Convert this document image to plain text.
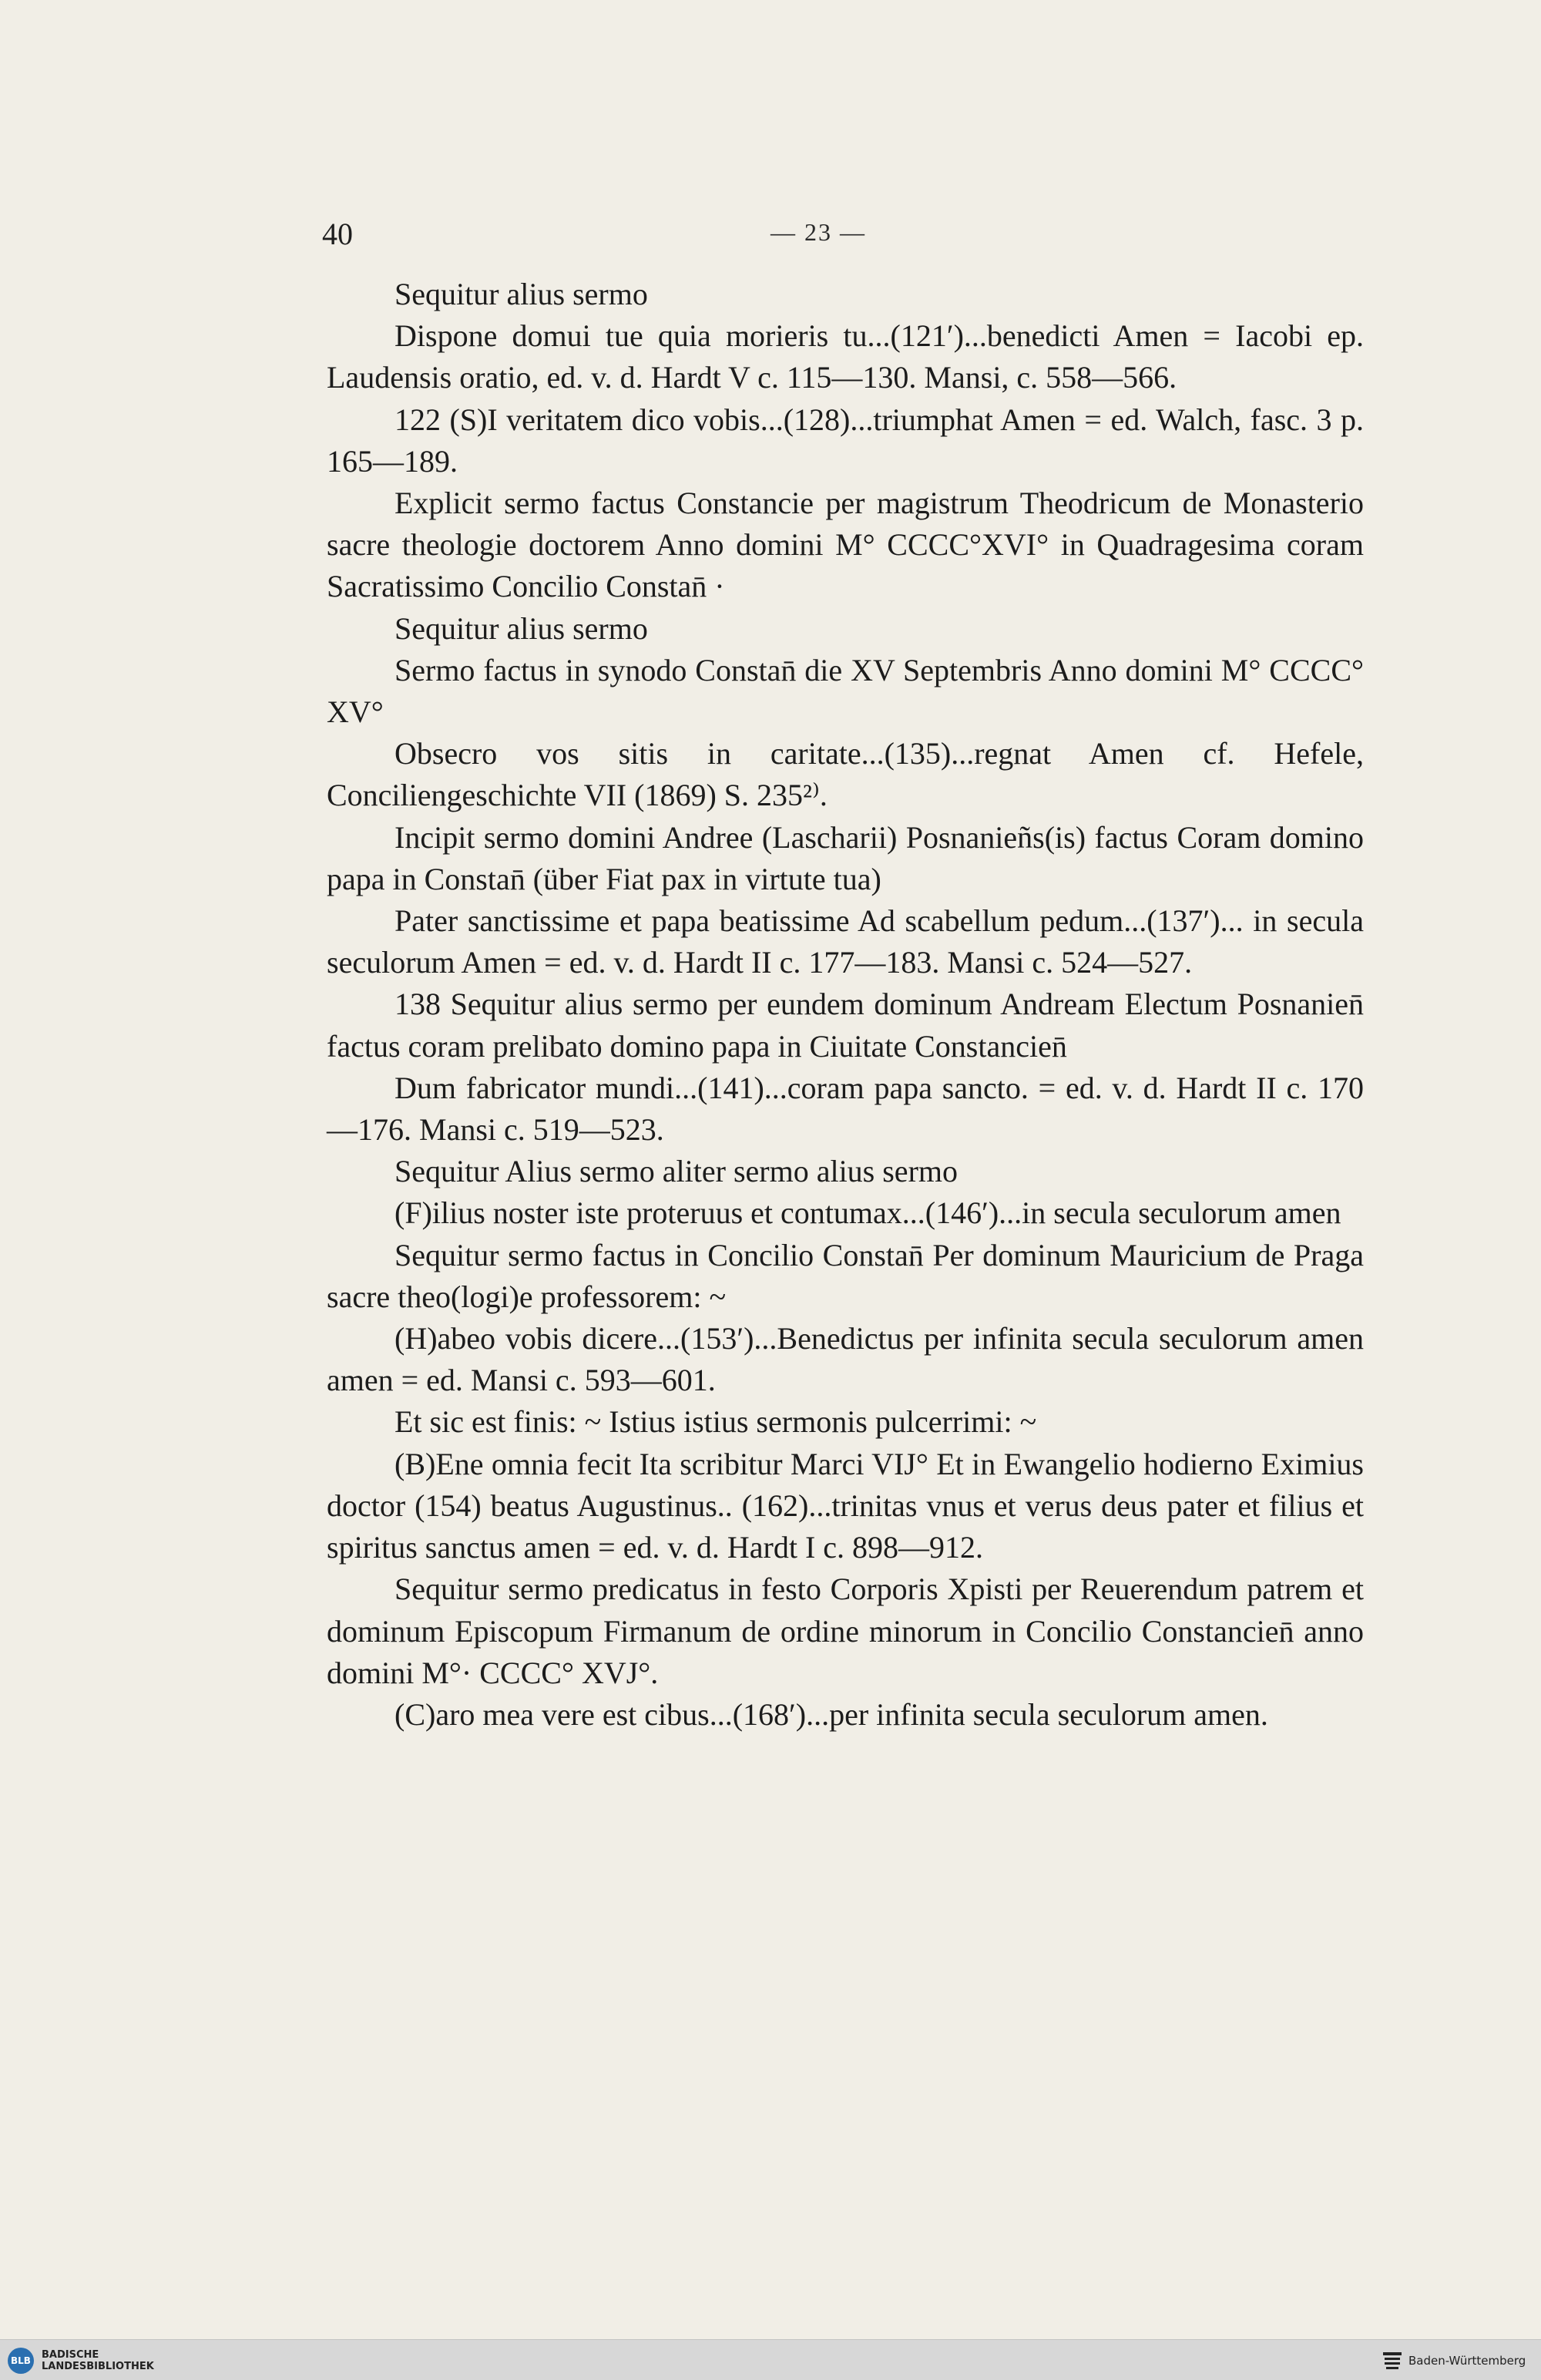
40	— 23 —

Sequitur alius sermo

Dispone domui tue quia morieris tu...(121′)...benedicti Amen = Iacobi ep. Laudensis oratio, ed. v. d. Hardt V c. 115—130. Mansi, c. 558—566.

122 (S)I veritatem dico vobis...(128)...triumphat Amen = ed. Walch, fasc. 3 p. 165—189.

Explicit sermo factus Constancie per magistrum Theodricum de Monasterio sacre theologie doctorem Anno domini M° CCCC°XVI° in Quadragesima coram Sacratissimo Concilio Constan̄ ·

Sequitur alius sermo

Sermo factus in synodo Constan̄ die XV Septembris Anno domini M° CCCC° XV°

Obsecro vos sitis in caritate...(135)...regnat Amen cf. Hefele, Conciliengeschichte VII (1869) S. 235²⁾.

Incipit sermo domini Andree (Lascharii) Posnanieñs(is) factus Coram domino papa in Constan̄ (über Fiat pax in virtute tua)

Pater sanctissime et papa beatissime Ad scabellum pedum...(137′)... in secula seculorum Amen = ed. v. d. Hardt II c. 177—183. Mansi c. 524—527.

138 Sequitur alius sermo per eundem dominum Andream Electum Posnanien̄ factus coram prelibato domino papa in Ciuitate Constancien̄

Dum fabricator mundi...(141)...coram papa sancto. = ed. v. d. Hardt II c. 170—176. Mansi c. 519—523.

Sequitur Alius sermo aliter sermo alius sermo

(F)ilius noster iste proteruus et contumax...(146′)...in secula seculorum amen

Sequitur sermo factus in Concilio Constan̄ Per dominum Mauricium de Praga sacre theo(logi)e professorem: ~

(H)abeo vobis dicere...(153′)...Benedictus per infinita secula seculorum amen amen = ed. Mansi c. 593—601.

Et sic est finis: ~ Istius istius sermonis pulcerrimi: ~

(B)Ene omnia fecit Ita scribitur Marci VIJ° Et in Ewangelio hodierno Eximius doctor (154) beatus Augustinus.. (162)...trinitas vnus et verus deus pater et filius et spiritus sanctus amen = ed. v. d. Hardt I c. 898—912.

Sequitur sermo predicatus in festo Corporis Xpisti per Reuerendum patrem et dominum Episcopum Firmanum de ordine minorum in Concilio Constancien̄ anno domini M°· CCCC° XVJ°.

(C)aro mea vere est cibus...(168′)...per infinita secula seculorum amen.

BLB	BADISCHE
LANDESBIBLIOTHEK	Baden-Württemberg
